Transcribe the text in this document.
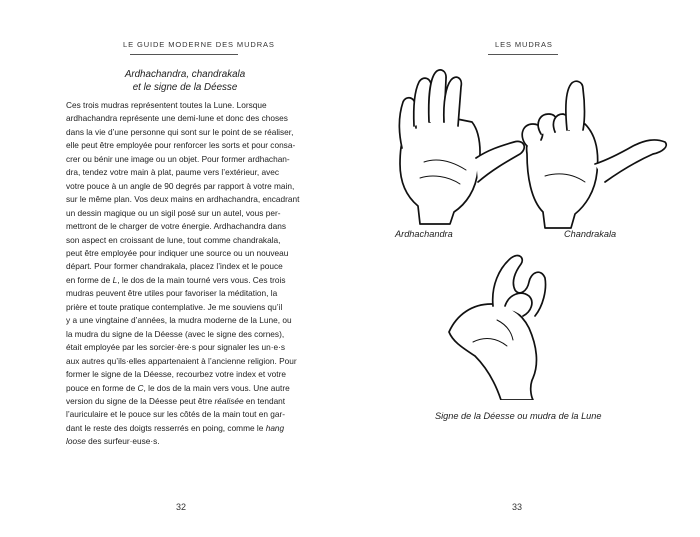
LE GUIDE MODERNE DES MUDRAS
Ardhachandra, chandrakala
et le signe de la Déesse
Ces trois mudras représentent toutes la Lune. Lorsque
ardhachandra représente une demi-lune et donc des choses
dans la vie d’une personne qui sont sur le point de se réaliser,
elle peut être employée pour renforcer les sorts et pour consa-
crer ou bénir une image ou un objet. Pour former ardhachan-
dra, tendez votre main à plat, paume vers l’extérieur, avec
votre pouce à un angle de 90 degrés par rapport à votre main,
sur le même plan. Vos deux mains en ardhachandra, encadrant
un dessin magique ou un sigil posé sur un autel, vous per-
mettront de le charger de votre énergie. Ardhachandra dans
son aspect en croissant de lune, tout comme chandrakala,
peut être employée pour indiquer une source ou un nouveau
départ. Pour former chandrakala, placez l’index et le pouce
en forme de L, le dos de la main tourné vers vous. Ces trois
mudras peuvent être utiles pour favoriser la méditation, la
prière et toute pratique contemplative. Je me souviens qu’il
y a une vingtaine d’années, la mudra moderne de la Lune, ou
la mudra du signe de la Déesse (avec le signe des cornes),
était employée par les sorcier·ère·s pour signaler les un·e·s
aux autres qu’ils·elles appartenaient à l’ancienne religion. Pour
former le signe de la Déesse, recourbez votre index et votre
pouce en forme de C, le dos de la main vers vous. Une autre
version du signe de la Déesse peut être réalisée en tendant
l’auriculaire et le pouce sur les côtés de la main tout en gar-
dant le reste des doigts resserrés en poing, comme le hang
loose des surfeur·euse·s.
32
LES MUDRAS
Ardhachandra	Chandrakala
Signe de la Déesse ou mudra de la Lune
33
